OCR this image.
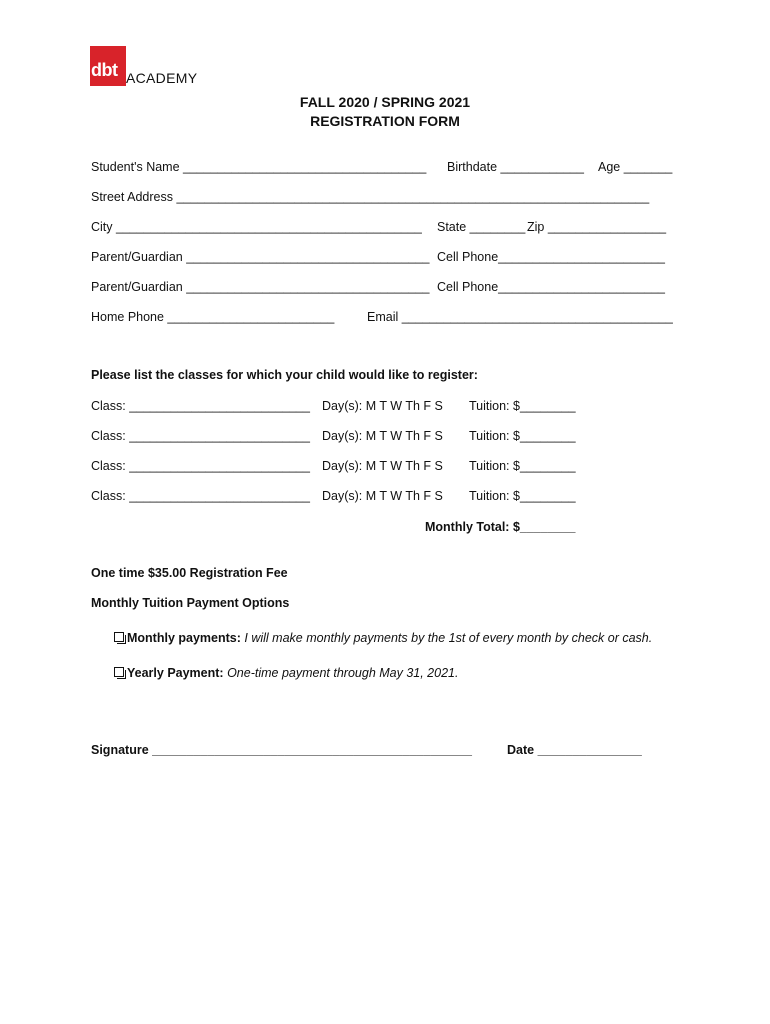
dbt ACADEMY
FALL 2020 / SPRING 2021
REGISTRATION FORM
Student's Name ___________________________________ Birthdate ____________ Age _______
Street Address ____________________________________________________________________
City ____________________________________________ State ________ Zip _________________
Parent/Guardian ___________________________________ Cell Phone________________________
Parent/Guardian ___________________________________ Cell Phone________________________
Home Phone ________________________	Email _______________________________________
Please list the classes for which your child would like to register:
Class: __________________________ Day(s): M T W Th F S Tuition: $________
Class: __________________________ Day(s): M T W Th F S Tuition: $________
Class: __________________________ Day(s): M T W Th F S Tuition: $________
Class: __________________________ Day(s): M T W Th F S Tuition: $________
Monthly Total: $________
One time $35.00 Registration Fee
Monthly Tuition Payment Options
Monthly payments: I will make monthly payments by the 1st of every month by check or cash.
Yearly Payment: One-time payment through May 31, 2021.
Signature ______________________________________________	Date _______________
